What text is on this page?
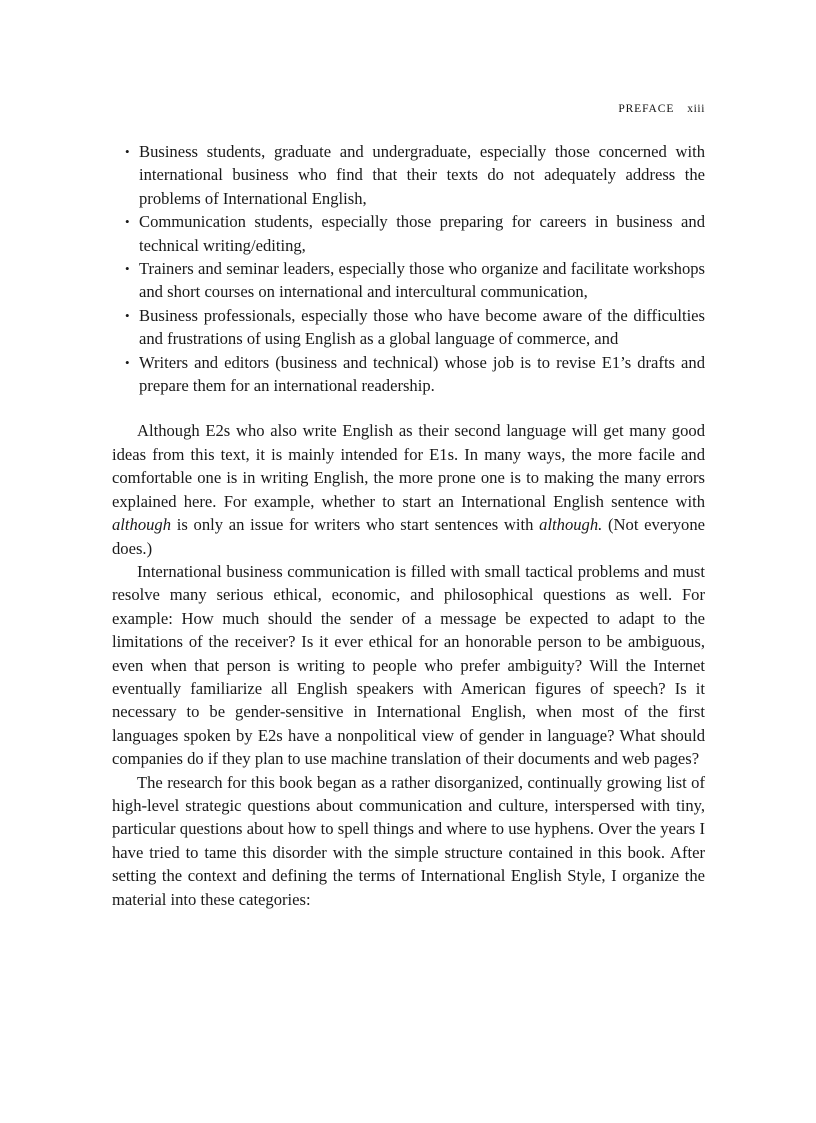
PREFACE xiii
• Business students, graduate and undergraduate, especially those concerned with international business who find that their texts do not adequately address the problems of International English,
• Communication students, especially those preparing for careers in business and technical writing/editing,
• Trainers and seminar leaders, especially those who organize and facilitate workshops and short courses on international and intercultural communication,
• Business professionals, especially those who have become aware of the difficulties and frustrations of using English as a global language of commerce, and
• Writers and editors (business and technical) whose job is to revise E1’s drafts and prepare them for an international readership.

Although E2s who also write English as their second language will get many good ideas from this text, it is mainly intended for E1s. In many ways, the more facile and comfortable one is in writing English, the more prone one is to making the many errors explained here. For example, whether to start an International English sentence with although is only an issue for writers who start sentences with although. (Not everyone does.)

International business communication is filled with small tactical problems and must resolve many serious ethical, economic, and philosophical questions as well. For example: How much should the sender of a message be expected to adapt to the limitations of the receiver? Is it ever ethical for an honorable person to be ambiguous, even when that person is writing to people who prefer ambiguity? Will the Internet eventually familiarize all English speakers with American figures of speech? Is it necessary to be gender-sensitive in International English, when most of the first languages spoken by E2s have a nonpolitical view of gender in language? What should companies do if they plan to use machine translation of their documents and web pages?

The research for this book began as a rather disorganized, continually growing list of high-level strategic questions about communication and culture, interspersed with tiny, particular questions about how to spell things and where to use hyphens. Over the years I have tried to tame this disorder with the simple structure contained in this book. After setting the context and defining the terms of International English Style, I organize the material into these categories:
